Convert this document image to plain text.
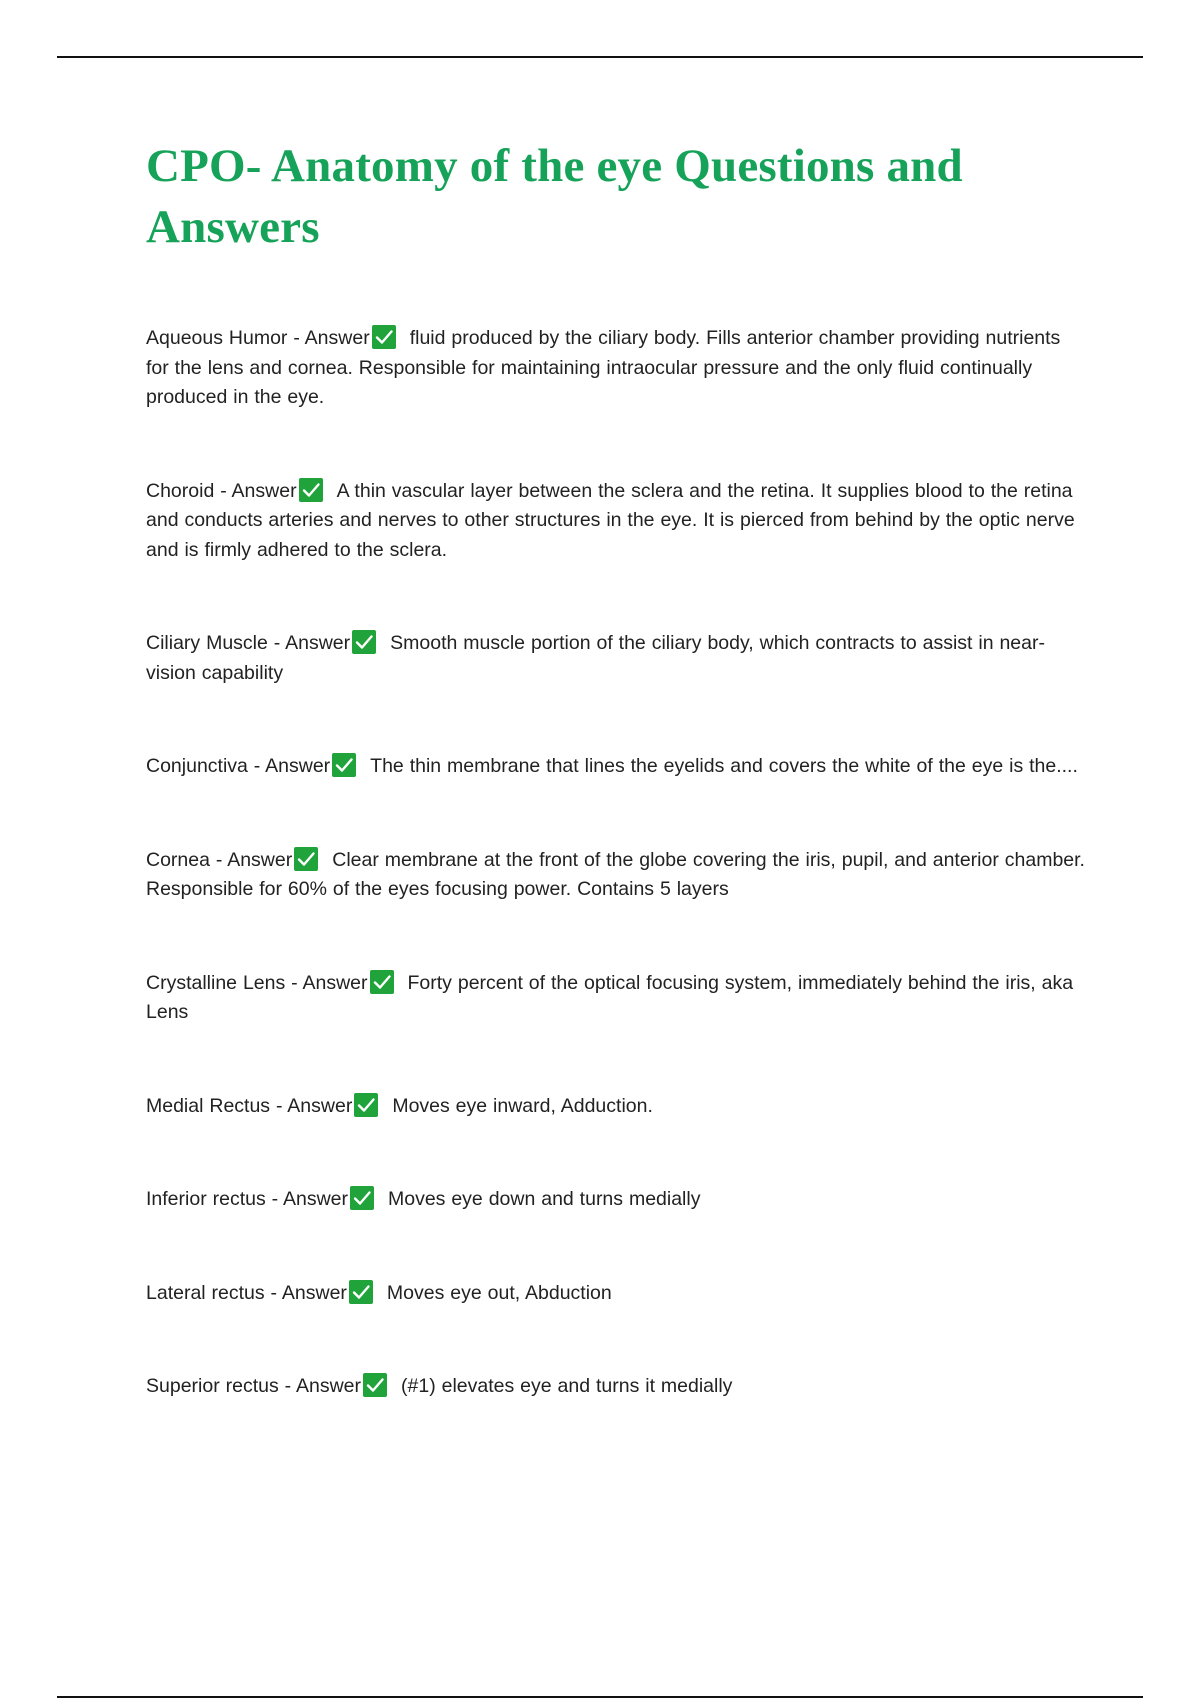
CPO- Anatomy of the eye Questions and Answers
Aqueous Humor - Answer fluid produced by the ciliary body. Fills anterior chamber providing nutrients for the lens and cornea. Responsible for maintaining intraocular pressure and the only fluid continually produced in the eye.
Choroid - Answer A thin vascular layer between the sclera and the retina. It supplies blood to the retina and conducts arteries and nerves to other structures in the eye. It is pierced from behind by the optic nerve and is firmly adhered to the sclera.
Ciliary Muscle - Answer Smooth muscle portion of the ciliary body, which contracts to assist in near-vision capability
Conjunctiva - Answer The thin membrane that lines the eyelids and covers the white of the eye is the....
Cornea - Answer Clear membrane at the front of the globe covering the iris, pupil, and anterior chamber. Responsible for 60% of the eyes focusing power. Contains 5 layers
Crystalline Lens - Answer Forty percent of the optical focusing system, immediately behind the iris, aka Lens
Medial Rectus - Answer Moves eye inward, Adduction.
Inferior rectus - Answer Moves eye down and turns medially
Lateral rectus - Answer Moves eye out, Abduction
Superior rectus - Answer (#1) elevates eye and turns it medially
